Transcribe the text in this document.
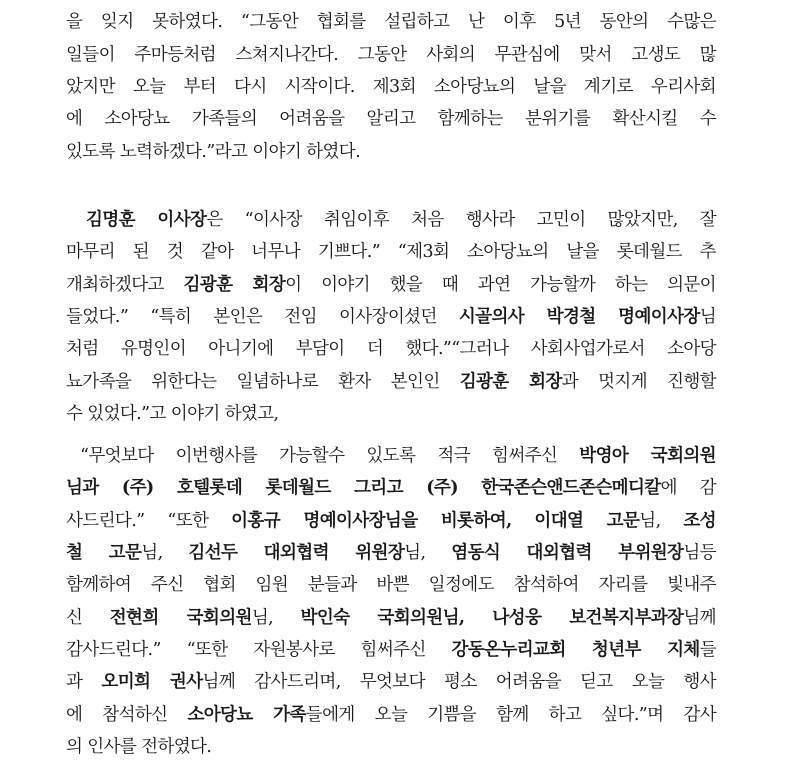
을 잊지 못하였다. “그동안 협회를 설립하고 난 이후 5년 동안의 수많은
일들이 주마등처럼 스쳐지나간다. 그동안 사회의 무관심에 맞서 고생도 많
았지만 오늘 부터 다시 시작이다. 제3회 소아당뇨의 날을 계기로 우리사회
에 소아당뇨 가족들의 어려움을 알리고 함께하는 분위기를 확산시킬 수
있도록 노력하겠다.”라고 이야기 하였다.
김명훈 이사장은 “이사장 취임이후 처음 행사라 고민이 많았지만, 잘
마무리 된 것 같아 너무나 기쁘다.” “제3회 소아당뇨의 날을 롯데월드 추
개최하겠다고 김광훈 회장이 이야기 했을 때 과연 가능할까 하는 의문이
들었다.” “특히 본인은 전임 이사장이셨던 시골의사 박경철 명예이사장님
처럼 유명인이 아니기에 부담이 더 했다.”“그러나 사회사업가로서 소아당
뇨가족을 위한다는 일념하나로 환자 본인인 김광훈 회장과 멋지게 진행할
수 있었다.”고 이야기 하였고,
“무엇보다 이번행사를 가능할수 있도록 적극 힘써주신 박영아 국회의원
님과 (주) 호텔롯데 롯데월드 그리고 (주) 한국존슨앤드존슨메디칼에 감
사드린다.” “또한 이홍규 명예이사장님을 비롯하여, 이대열 고문님, 조성
철 고문님, 김선두 대외협력 위원장님, 염동식 대외협력 부위원장님등
함께하여 주신 협회 임원 분들과 바쁜 일정에도 참석하여 자리를 빛내주
신 전현희 국회의원님, 박인숙 국회의원님, 나성웅 보건복지부과장님께
감사드린다.” “또한 자원봉사로 힘써주신 강동온누리교회 청년부 지체들
과 오미희 권사님께 감사드리며, 무엇보다 평소 어려움을 딛고 오늘 행사
에 참석하신 소아당뇨 가족들에게 오늘 기쁨을 함께 하고 싶다.”며 감사
의 인사를 전하였다.
